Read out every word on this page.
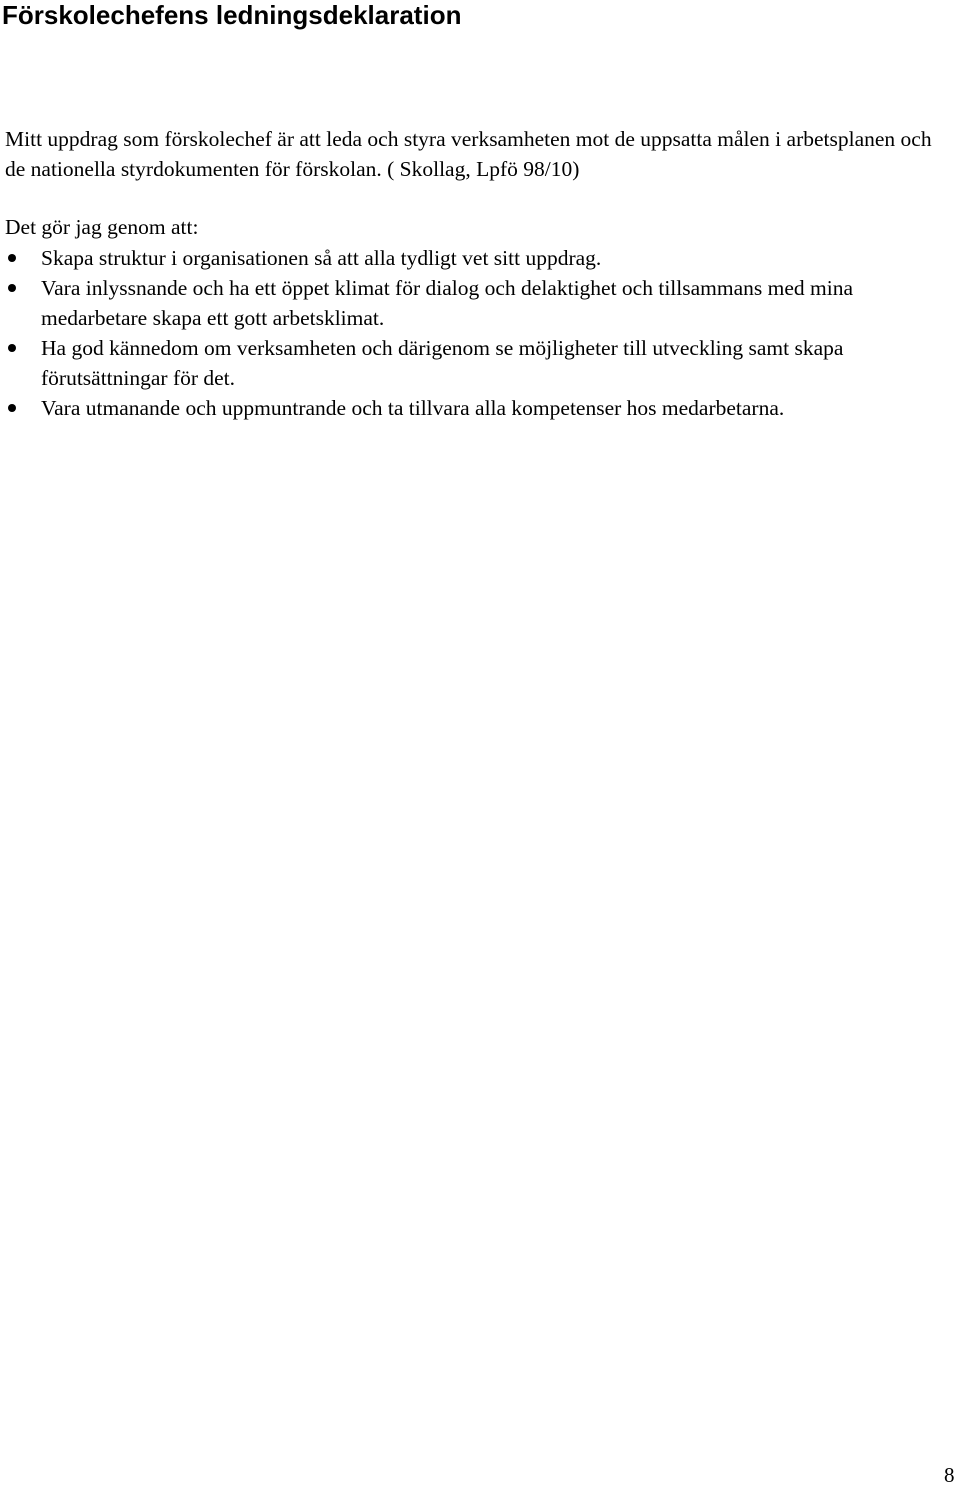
Förskolechefens ledningsdeklaration

Mitt uppdrag som förskolechef är att leda och styra verksamheten mot de uppsatta målen i arbetsplanen och de nationella styrdokumenten för förskolan. ( Skollag, Lpfö 98/10)

Det gör jag genom att:

Skapa struktur i organisationen så att alla tydligt vet sitt uppdrag.
Vara inlyssnande och ha ett öppet klimat för dialog och delaktighet och tillsammans med mina medarbetare skapa ett gott arbetsklimat.
Ha god kännedom om verksamheten och därigenom se möjligheter till utveckling samt skapa förutsättningar för det.
Vara utmanande och uppmuntrande och ta tillvara alla kompetenser hos medarbetarna.
8
